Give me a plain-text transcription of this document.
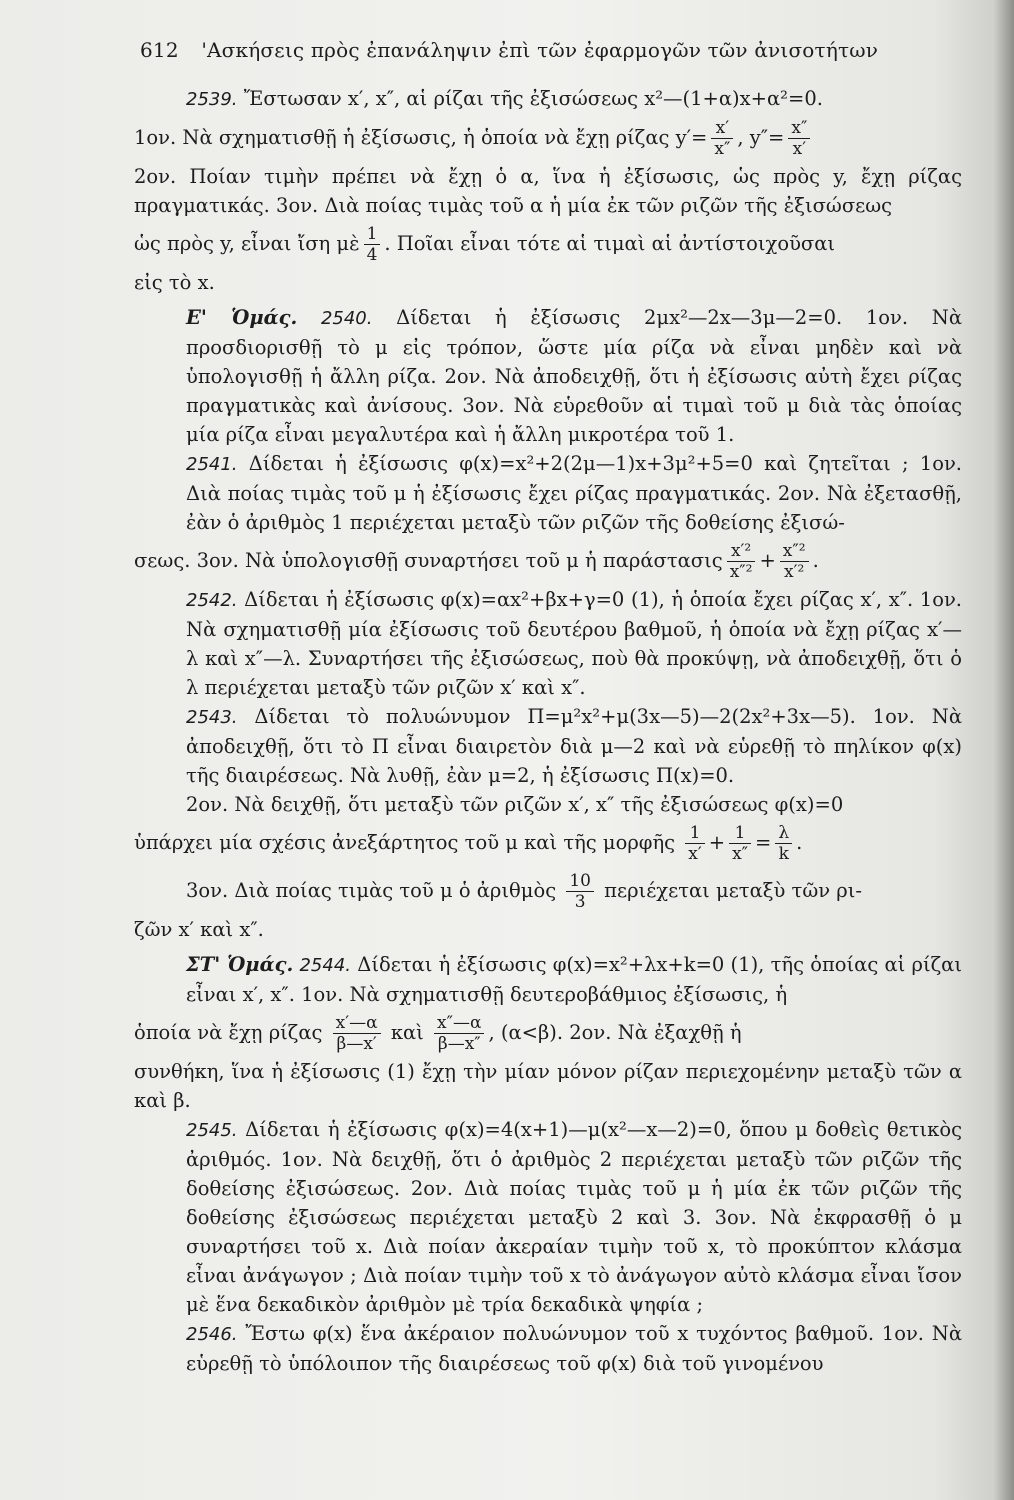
612 'Ασκήσεις πρὸς ἐπανάληψιν ἐπὶ τῶν ἐφαρμογῶν τῶν ἀνισοτήτων

2539. Ἔστωσαν x′, x″, αἱ ρίζαι τῆς ἐξισώσεως x²—(1+α)x+α²=0.

1ον. Νὰ σχηματισθῇ ἡ ἐξίσωσις, ἡ ὁποία νὰ ἔχῃ ρίζας $y'= \frac{x'}{x''}$ , $y''= \frac{x''}{x'}$

2ον. Ποίαν τιμὴν πρέπει νὰ ἔχῃ ὁ α, ἵνα ἡ ἐξίσωσις, ὡς πρὸς y, ἔχῃ ρίζας πραγματικάς. 3ον. Διὰ ποίας τιμὰς τοῦ α ἡ μία ἐκ τῶν ριζῶν τῆς ἐξισώσεως

ὡς πρὸς y, εἶναι ἴση μὲ $\frac{1}{4}$ . Ποῖαι εἶναι τότε αἱ τιμαὶ αἱ ἀντίστοιχοῦσαι

εἰς τὸ x.

Ε' Ὁμάς. 2540. Δίδεται ἡ ἐξίσωσις 2μx²—2x—3μ—2=0. 1ον. Νὰ προσδιορισθῇ τὸ μ εἰς τρόπον, ὥστε μία ρίζα νὰ εἶναι μηδὲν καὶ νὰ ὑπολογισθῇ ἡ ἄλλη ρίζα. 2ον. Νὰ ἀποδειχθῇ, ὅτι ἡ ἐξίσωσις αὐτὴ ἔχει ρίζας πραγματικὰς καὶ ἀνίσους. 3ον. Νὰ εὑρεθοῦν αἱ τιμαὶ τοῦ μ διὰ τὰς ὁποίας μία ρίζα εἶναι μεγαλυτέρα καὶ ἡ ἄλλη μικροτέρα τοῦ 1.

2541. Δίδεται ἡ ἐξίσωσις φ(x)=x²+2(2μ—1)x+3μ²+5=0 καὶ ζητεῖται ; 1ον. Διὰ ποίας τιμὰς τοῦ μ ἡ ἐξίσωσις ἔχει ρίζας πραγματικάς. 2ον. Νὰ ἐξετασθῇ, ἐὰν ὁ ἀριθμὸς 1 περιέχεται μεταξὺ τῶν ριζῶν τῆς δοθείσης ἐξισώ-

σεως. 3ον. Νὰ ὑπολογισθῇ συναρτήσει τοῦ μ ἡ παράστασις $\frac{\text{x′²}}{\text{x″²}} + \frac{\text{x″²}}{\text{x′²}}$ .

2542. Δίδεται ἡ ἐξίσωσις φ(x)=αx²+βx+γ=0 (1), ἡ ὁποία ἔχει ρίζας x′, x″. 1ον. Νὰ σχηματισθῇ μία ἐξίσωσις τοῦ δευτέρου βαθμοῦ, ἡ ὁποία νὰ ἔχῃ ρίζας x′—λ καὶ x″—λ. Συναρτήσει τῆς ἐξισώσεως, ποὺ θὰ προκύψῃ, νὰ ἀποδειχθῇ, ὅτι ὁ λ περιέχεται μεταξὺ τῶν ριζῶν x′ καὶ x″.

2543. Δίδεται τὸ πολυώνυμον Π=μ²x²+μ(3x—5)—2(2x²+3x—5). 1ον. Νὰ ἀποδειχθῇ, ὅτι τὸ Π εἶναι διαιρετὸν διὰ μ—2 καὶ νὰ εὑρεθῇ τὸ πηλίκον φ(x) τῆς διαιρέσεως. Νὰ λυθῇ, ἐὰν μ=2, ἡ ἐξίσωσις Π(x)=0.

2ον. Νὰ δειχθῇ, ὅτι μεταξὺ τῶν ριζῶν x′, x″ τῆς ἐξισώσεως φ(x)=0

ὑπάρχει μία σχέσις ἀνεξάρτητος τοῦ μ καὶ τῆς μορφῆς $\frac{1}{x'} + \frac{1}{x''} = \frac{\lambda}{k}$ .

3ον. Διὰ ποίας τιμὰς τοῦ μ ὁ ἀριθμὸς $\frac{10}{3}$ περιέχεται μεταξὺ τῶν ρι-

ζῶν x′ καὶ x″.

ΣΤ' Ὁμάς. 2544. Δίδεται ἡ ἐξίσωσις φ(x)=x²+λx+k=0 (1), τῆς ὁποίας αἱ ρίζαι εἶναι x′, x″. 1ον. Νὰ σχηματισθῇ δευτεροβάθμιος ἐξίσωσις, ἡ

ὁποία νὰ ἔχῃ ρίζας $\frac{x'—\alpha}{\beta—x'}$ καὶ $\frac{x''—\alpha}{\beta—x''}$ , (α<β). 2ον. Νὰ ἐξαχθῇ ἡ

συνθήκη, ἵνα ἡ ἐξίσωσις (1) ἔχῃ τὴν μίαν μόνον ρίζαν περιεχομένην μεταξὺ τῶν α καὶ β.

2545. Δίδεται ἡ ἐξίσωσις φ(x)=4(x+1)—μ(x²—x—2)=0, ὅπου μ δοθεὶς θετικὸς ἀριθμός. 1ον. Νὰ δειχθῇ, ὅτι ὁ ἀριθμὸς 2 περιέχεται μεταξὺ τῶν ριζῶν τῆς δοθείσης ἐξισώσεως. 2ον. Διὰ ποίας τιμὰς τοῦ μ ἡ μία ἐκ τῶν ριζῶν τῆς δοθείσης ἐξισώσεως περιέχεται μεταξὺ 2 καὶ 3. 3ον. Νὰ ἐκφρασθῇ ὁ μ συναρτήσει τοῦ x. Διὰ ποίαν ἀκεραίαν τιμὴν τοῦ x, τὸ προκύπτον κλάσμα εἶναι ἀνάγωγον ; Διὰ ποίαν τιμὴν τοῦ x τὸ ἀνάγωγον αὐτὸ κλάσμα εἶναι ἴσον μὲ ἕνα δεκαδικὸν ἀριθμὸν μὲ τρία δεκαδικὰ ψηφία ;

2546. Ἔστω φ(x) ἕνα ἀκέραιον πολυώνυμον τοῦ x τυχόντος βαθμοῦ. 1ον. Νὰ εὑρεθῇ τὸ ὑπόλοιπον τῆς διαιρέσεως τοῦ φ(x) διὰ τοῦ γινομένου
